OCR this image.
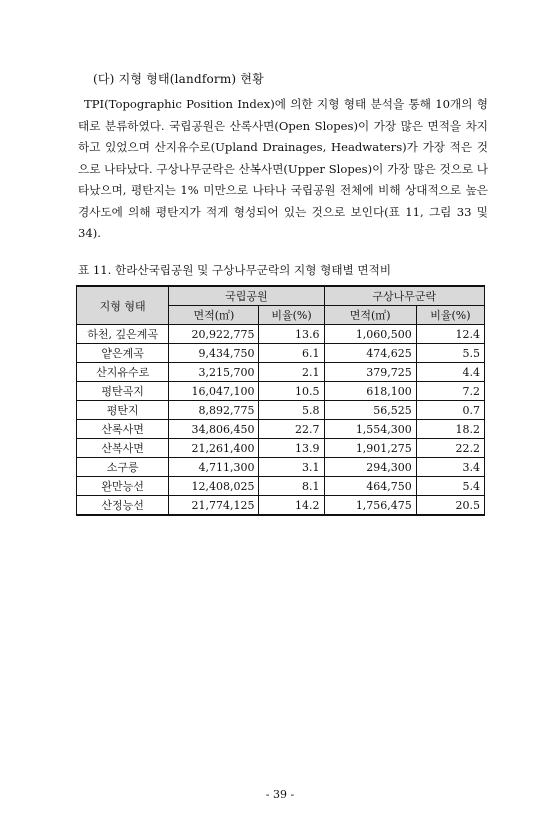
(다) 지형 형태(landform) 현황
TPI(Topographic Position Index)에 의한 지형 형태 분석을 통해 10개의 형태로 분류하였다. 국립공원은 산록사면(Open Slopes)이 가장 많은 면적을 차지하고 있었으며 산지유수로(Upland Drainages, Headwaters)가 가장 적은 것으로 나타났다. 구상나무군락은 산복사면(Upper Slopes)이 가장 많은 것으로 나타났으며, 평탄지는 1% 미만으로 나타나 국립공원 전체에 비해 상대적으로 높은 경사도에 의해 평탄지가 적게 형성되어 있는 것으로 보인다(표 11, 그림 33 및 34).
표 11. 한라산국립공원 및 구상나무군락의 지형 형태별 면적비
지형 형태	국립공원		구상나무군락	
	면적(㎡)	비율(%)	면적(㎡)	비율(%)
하천, 깊은계곡	20,922,775	13.6	1,060,500	12.4
얕은계곡	9,434,750	6.1	474,625	5.5
산지유수로	3,215,700	2.1	379,725	4.4
평탄곡지	16,047,100	10.5	618,100	7.2
평탄지	8,892,775	5.8	56,525	0.7
산록사면	34,806,450	22.7	1,554,300	18.2
산복사면	21,261,400	13.9	1,901,275	22.2
소구릉	4,711,300	3.1	294,300	3.4
완만능선	12,408,025	8.1	464,750	5.4
산정능선	21,774,125	14.2	1,756,475	20.5
- 39 -
